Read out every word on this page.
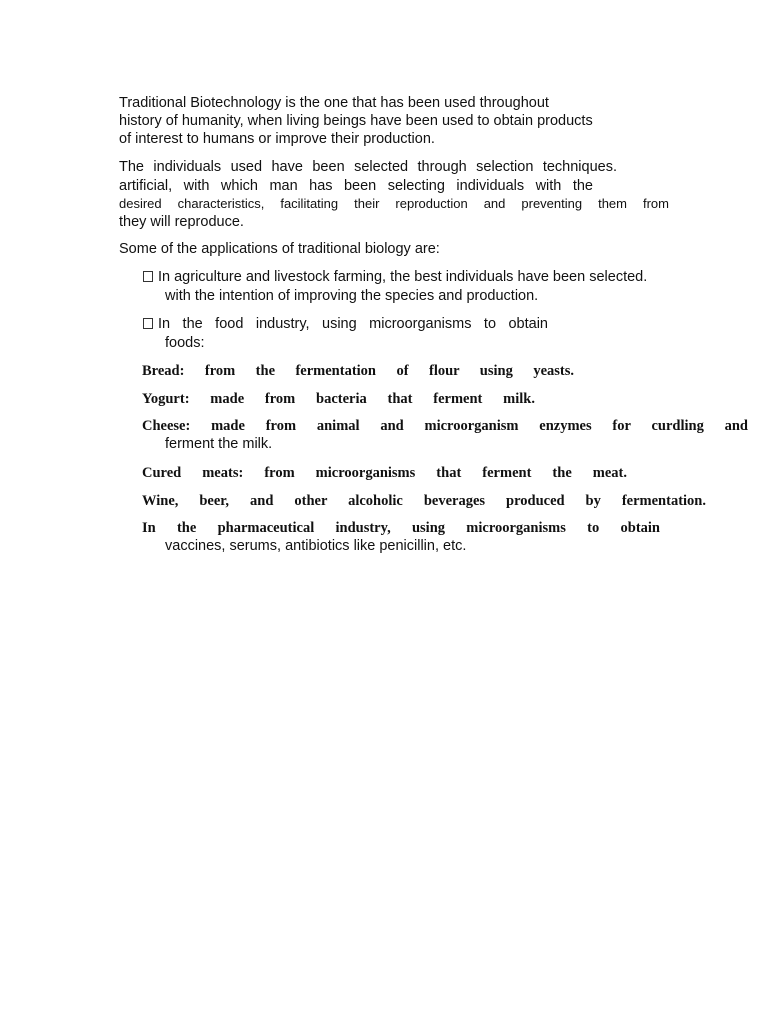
Traditional Biotechnology is the one that has been used throughout

history of humanity, when living beings have been used to obtain products

of interest to humans or improve their production.

The individuals used have been selected through selection techniques.

artificial, with which man has been selecting individuals with the

desired characteristics, facilitating their reproduction and preventing them from

they will reproduce.

Some of the applications of traditional biology are:

In agriculture and livestock farming, the best individuals have been selected.

with the intention of improving the species and production.

In the food industry, using microorganisms to obtain

foods:

Bread: from the fermentation of flour using yeasts.

Yogurt: made from bacteria that ferment milk.

Cheese: made from animal and microorganism enzymes for curdling and

ferment the milk.

Cured meats: from microorganisms that ferment the meat.

Wine, beer, and other alcoholic beverages produced by fermentation.

In the pharmaceutical industry, using microorganisms to obtain

vaccines, serums, antibiotics like penicillin, etc.
